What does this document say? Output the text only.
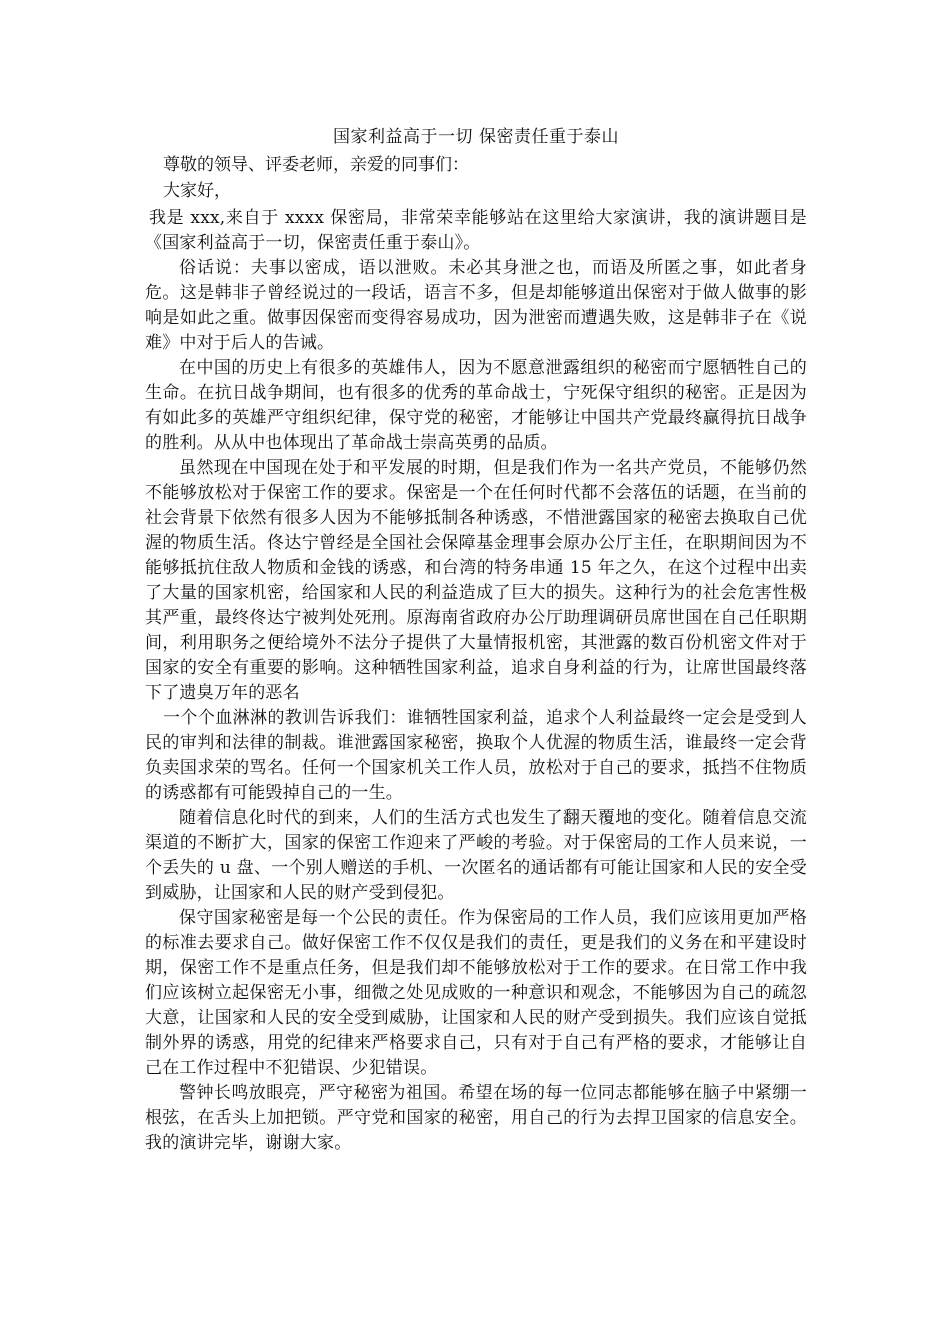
国家利益高于一切 保密责任重于泰山

尊敬的领导、评委老师，亲爱的同事们：

大家好，

我是 xxx,来自于 xxxx 保密局，非常荣幸能够站在这里给大家演讲，我的演讲题目是《国家利益高于一切，保密责任重于泰山》。

俗话说：夫事以密成，语以泄败。未必其身泄之也，而语及所匿之事，如此者身危。这是韩非子曾经说过的一段话，语言不多，但是却能够道出保密对于做人做事的影响是如此之重。做事因保密而变得容易成功，因为泄密而遭遇失败，这是韩非子在《说难》中对于后人的告诫。

在中国的历史上有很多的英雄伟人，因为不愿意泄露组织的秘密而宁愿牺牲自己的生命。在抗日战争期间，也有很多的优秀的革命战士，宁死保守组织的秘密。正是因为有如此多的英雄严守组织纪律，保守党的秘密，才能够让中国共产党最终赢得抗日战争的胜利。从从中也体现出了革命战士崇高英勇的品质。

虽然现在中国现在处于和平发展的时期，但是我们作为一名共产党员，不能够仍然不能够放松对于保密工作的要求。保密是一个在任何时代都不会落伍的话题，在当前的社会背景下依然有很多人因为不能够抵制各种诱惑，不惜泄露国家的秘密去换取自己优渥的物质生活。佟达宁曾经是全国社会保障基金理事会原办公厅主任，在职期间因为不能够抵抗住敌人物质和金钱的诱惑，和台湾的特务串通 15 年之久，在这个过程中出卖了大量的国家机密，给国家和人民的利益造成了巨大的损失。这种行为的社会危害性极其严重，最终佟达宁被判处死刑。原海南省政府办公厅助理调研员席世国在自己任职期间，利用职务之便给境外不法分子提供了大量情报机密，其泄露的数百份机密文件对于国家的安全有重要的影响。这种牺牲国家利益，追求自身利益的行为，让席世国最终落下了遗臭万年的恶名

一个个血淋淋的教训告诉我们：谁牺牲国家利益，追求个人利益最终一定会是受到人民的审判和法律的制裁。谁泄露国家秘密，换取个人优渥的物质生活，谁最终一定会背负卖国求荣的骂名。任何一个国家机关工作人员，放松对于自己的要求，抵挡不住物质的诱惑都有可能毁掉自己的一生。

随着信息化时代的到来，人们的生活方式也发生了翻天覆地的变化。随着信息交流渠道的不断扩大，国家的保密工作迎来了严峻的考验。对于保密局的工作人员来说，一个丢失的 u 盘、一个别人赠送的手机、一次匿名的通话都有可能让国家和人民的安全受到威胁，让国家和人民的财产受到侵犯。

保守国家秘密是每一个公民的责任。作为保密局的工作人员，我们应该用更加严格的标准去要求自己。做好保密工作不仅仅是我们的责任，更是我们的义务在和平建设时期，保密工作不是重点任务，但是我们却不能够放松对于工作的要求。在日常工作中我们应该树立起保密无小事，细微之处见成败的一种意识和观念，不能够因为自己的疏忽大意，让国家和人民的安全受到威胁，让国家和人民的财产受到损失。我们应该自觉抵制外界的诱惑，用党的纪律来严格要求自己，只有对于自己有严格的要求，才能够让自己在工作过程中不犯错误、少犯错误。

警钟长鸣放眼亮，严守秘密为祖国。希望在场的每一位同志都能够在脑子中紧绷一根弦，在舌头上加把锁。严守党和国家的秘密，用自己的行为去捍卫国家的信息安全。我的演讲完毕，谢谢大家。
